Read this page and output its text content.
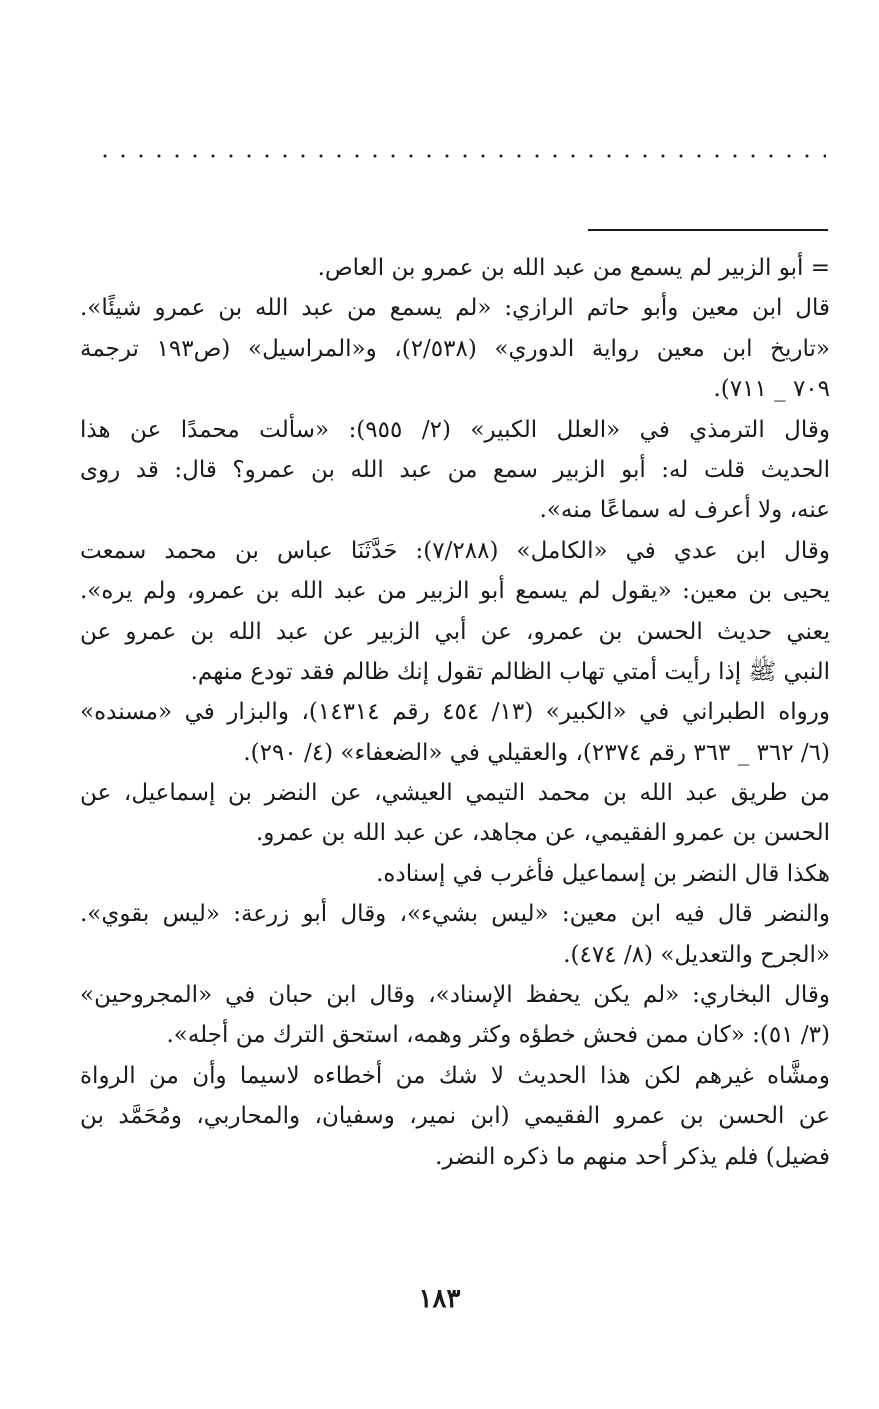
= أبو الزبير لم يسمع من عبد الله بن عمرو بن العاص.
قال ابن معين وأبو حاتم الرازي: «لم يسمع من عبد الله بن عمرو شيئًا».
«تاريخ ابن معين رواية الدوري» (٢/٥٣٨)، و«المراسيل» (ص١٩٣ ترجمة
٧٠٩ _ ٧١١).
وقال الترمذي في «العلل الكبير» (٢/ ٩٥٥): «سألت محمدًا عن هذا
الحديث قلت له: أبو الزبير سمع من عبد الله بن عمرو؟ قال: قد روى
عنه، ولا أعرف له سماعًا منه».
وقال ابن عدي في «الكامل» (٧/٢٨٨): حَدَّثَنَا عباس بن محمد سمعت
يحيى بن معين: «يقول لم يسمع أبو الزبير من عبد الله بن عمرو، ولم يره».
يعني حديث الحسن بن عمرو، عن أبي الزبير عن عبد الله بن عمرو عن
النبي ﷺ إذا رأيت أمتي تهاب الظالم تقول إنك ظالم فقد تودع منهم.
ورواه الطبراني في «الكبير» (١٣/ ٤٥٤ رقم ١٤٣١٤)، والبزار في «مسنده»
(٦/ ٣٦٢ _ ٣٦٣ رقم ٢٣٧٤)، والعقيلي في «الضعفاء» (٤/ ٢٩٠).
من طريق عبد الله بن محمد التيمي العيشي، عن النضر بن إسماعيل، عن
الحسن بن عمرو الفقيمي، عن مجاهد، عن عبد الله بن عمرو.
هكذا قال النضر بن إسماعيل فأغرب في إسناده.
والنضر قال فيه ابن معين: «ليس بشيء»، وقال أبو زرعة: «ليس بقوي».
«الجرح والتعديل» (٨/ ٤٧٤).
وقال البخاري: «لم يكن يحفظ الإسناد»، وقال ابن حبان في «المجروحين»
(٣/ ٥١): «كان ممن فحش خطؤه وكثر وهمه، استحق الترك من أجله».
ومشَّاه غيرهم لكن هذا الحديث لا شك من أخطاءه لاسيما وأن من الرواة
عن الحسن بن عمرو الفقيمي (ابن نمير، وسفيان، والمحاربي، ومُحَمَّد بن
فضيل) فلم يذكر أحد منهم ما ذكره النضر.
١٨٣
